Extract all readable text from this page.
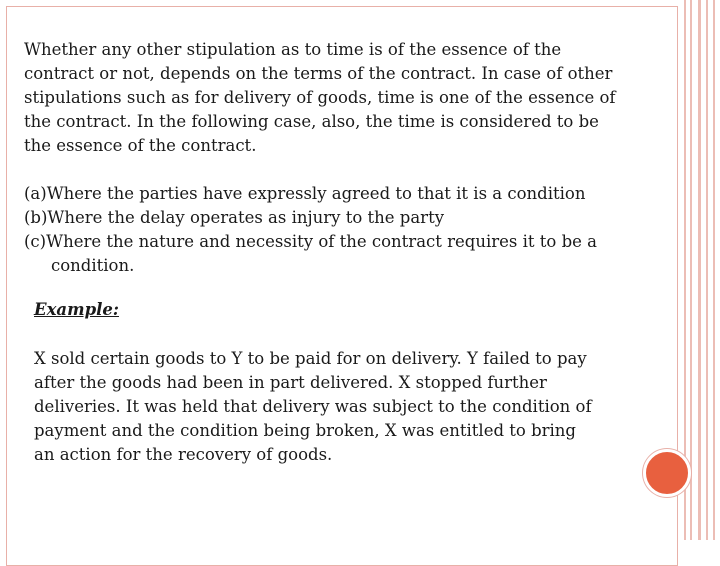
Whether any other stipulation as to time is of the essence of the

contract or not, depends on the terms of the contract. In case of other

stipulations such as for delivery of goods, time is one of the essence of

the contract. In the following case, also, the time is considered to be

the essence of the contract.

(a)Where the parties have expressly agreed to that it is a condition
(b)Where the delay operates as injury to the party
(c)Where the nature and necessity of the contract requires it to be a
condition.

Example:

X sold certain goods to Y to be paid for on delivery. Y failed to pay

after the goods had been in part delivered. X stopped further

deliveries. It was held that delivery was subject to the condition of

payment and the condition being broken, X was entitled to bring

an action for the recovery of goods.
